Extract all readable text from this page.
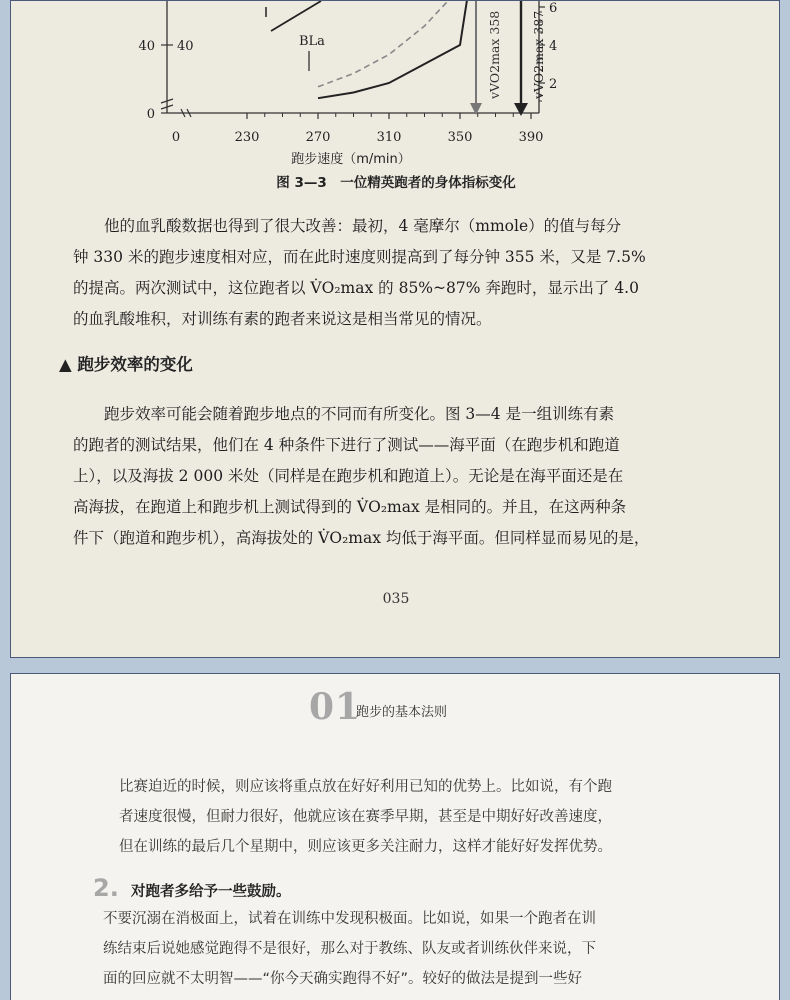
0	230	270	310	350	390
跑步速度（m/min）
40
0
40
6
4
2
BLa	vVO2max 358 vVO2max 387
图 3—3　一位精英跑者的身体指标变化

他的血乳酸数据也得到了很大改善：最初，4 毫摩尔（mmole）的值与每分
钟 330 米的跑步速度相对应，而在此时速度则提高到了每分钟 355 米，又是 7.5%
的提高。两次测试中，这位跑者以 V̇O₂max 的 85%~87% 奔跑时，显示出了 4.0
的血乳酸堆积，对训练有素的跑者来说这是相当常见的情况。

▲ 跑步效率的变化

跑步效率可能会随着跑步地点的不同而有所变化。图 3—4 是一组训练有素
的跑者的测试结果，他们在 4 种条件下进行了测试——海平面（在跑步机和跑道
上），以及海拔 2 000 米处（同样是在跑步机和跑道上）。无论是在海平面还是在
高海拔，在跑道上和跑步机上测试得到的 V̇O₂max 是相同的。并且，在这两种条
件下（跑道和跑步机），高海拔处的 V̇O₂max 均低于海平面。但同样显而易见的是，

035
01
跑步的基本法则

比赛迫近的时候，则应该将重点放在好好利用已知的优势上。比如说，有个跑
者速度很慢，但耐力很好，他就应该在赛季早期，甚至是中期好好改善速度，
但在训练的最后几个星期中，则应该更多关注耐力，这样才能好好发挥优势。

2. 对跑者多给予一些鼓励。

不要沉溺在消极面上，试着在训练中发现积极面。比如说，如果一个跑者在训
练结束后说她感觉跑得不是很好，那么对于教练、队友或者训练伙伴来说，下
面的回应就不太明智——“你今天确实跑得不好”。较好的做法是提到一些好
